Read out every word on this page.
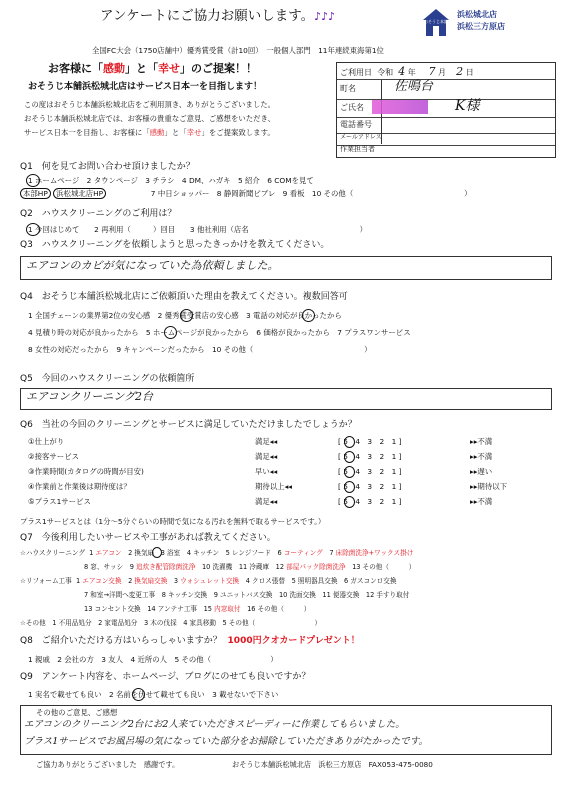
アンケートにご協力お願いします。♪♪♪	おそうじ本舗
浜松城北店
浜松三方原店
全国FC大会（1750店舗中）優秀賞受賞（計10回）　一般個人部門　11年連続東海第1位
お客様に「感動」と「幸せ」のご提案！！
おそうじ本舗浜松城北店はサービス日本一を目指します！
この度はおそうじ本舗浜松城北店をご利用頂き、ありがとうございました。
おそうじ本舗浜松城北店では、お客様の貴重なご意見、ご感想をいただき、
サービス日本一を目指し、お客様に「感動」と「幸せ」をご提案致します。
ご利用日 令和 4 年 7 月 2 日
町名	佐鳴台
ご氏名	K様
電話番号
メールアドレス
作業担当者
Q1　何を見てお問い合わせ頂けましたか？
1 ホームページ　2 タウンページ　3 チラシ　4 DM、ハガキ　5 紹介　6 COMを見て
本部HP 浜松城北店HP	7 中日ショッパー　8 静岡新聞ビブレ　9 看板　10 その他（　　　　　　　　　　　　　　　）
Q2　ハウスクリーニングのご利用は？
1 今回はじめて　　2 再利用（　　　）回目　　3 他社利用（店名　　　　　　　　　　　　　　　）
Q3　ハウスクリーニングを依頼しようと思ったきっかけを教えてください。
エアコンのカビが気になっていた為依頼しました。
Q4　おそうじ本舗浜松城北店にご依頼頂いた理由を教えてください。複数回答可
1 全国チェーンの業界第2位の安心感　2 優秀賞受賞店の安心感　3 電話の対応が良かったから
4 見積り時の対応が良かったから　5 ホームページが良かったから　6 価格が良かったから　7 プラスワンサービス
8 女性の対応だったから　9 キャンペーンだったから　10 その他（　　　　　　　　　　　　　　　）
Q5　今回のハウスクリーニングの依頼箇所
エアコンクリーニング2台
Q6　当社の今回のクリーニングとサービスに満足していただけましたでしょうか？
①仕上がり	満足◂◂	[ 5　4　3　2　1 ]	▸▸不満
②接客サービス	満足◂◂	[ 5　4　3　2　1 ]	▸▸不満
③作業時間(カタログの時間が目安)	早い◂◂	[ 5　4　3　2　1 ]	▸▸遅い
④作業前と作業後は期待度は？	期待以上◂◂	[ 5　4　3　2　1 ]	▸▸期待以下
⑤プラス1サービス	満足◂◂	[ 5　4　3　2　1 ]	▸▸不満
プラス1サービスとは（1分～5分ぐらいの時間で気になる汚れを無料で取るサービスです。）
Q7　今後利用したいサービスや工事があれば教えてください。
☆ハウスクリーニング 1 エアコン　2 換気扇　3 浴室　4 キッチン　5 レンジフード　6 コーティング　7 床除菌洗浄+ワックス掛け
8 窓、サッシ　9 追炊き配管除菌洗浄　10 洗濯機　11 冷蔵庫　12 部屋パック除菌洗浄　13 その他（　　　）
☆リフォーム工事 1 エアコン交換　2 換気扇交換　3 ウォシュレット交換　4 クロス張替　5 照明器具交換　6 ガスコンロ交換
7 和室→洋間へ変更工事　8 キッチン交換　9 ユニットバス交換　10 洗面交換　11 便器交換　12 手すり取付
13 コンセント交換　14 アンテナ工事　15 内窓取付　16 その他（　　　）
☆その他　1 不用品処分　2 家電品処分　3 木の伐採　4 家具移動　5 その他（　　　　　　　　　）
Q8　ご紹介いただける方はいらっしゃいますか？ 1000円クオカードプレゼント！
1 親戚　2 会社の方　3 友人　4 近所の人　5 その他（　　　　　　　　）
Q9　アンケート内容を、ホームページ、ブログにのせても良いですか？
1 実名で載せても良い　2 名前を伏せて載せても良い　3 載せないで下さい
その他のご意見、ご感想
エアコンのクリーニング2台にお2人来ていただきスピーディーに作業してもらいました。
プラス1サービスでお風呂場の気になっていた部分をお掃除していただきありがたかったです。
ご協力ありがとうございました　感謝です。	おそうじ本舗浜松城北店　浜松三方原店　FAX053-475-0080
